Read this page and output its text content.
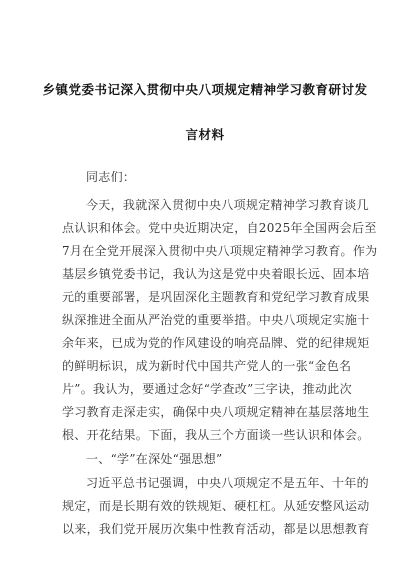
乡镇党委书记深入贯彻中央八项规定精神学习教育研讨发
言材料
同志们：
今天，我就深入贯彻中央八项规定精神学习教育谈几
点认识和体会。党中央近期决定，自2025年全国两会后至
7月在全党开展深入贯彻中央八项规定精神学习教育。作为
基层乡镇党委书记，我认为这是党中央着眼长远、固本培
元的重要部署，是巩固深化主题教育和党纪学习教育成果
纵深推进全面从严治党的重要举措。中央八项规定实施十
余年来，已成为党的作风建设的响亮品牌、党的纪律规矩
的鲜明标识，成为新时代中国共产党人的一张“金色名
片”。我认为，要通过念好“学查改”三字诀，推动此次
学习教育走深走实，确保中央八项规定精神在基层落地生
根、开花结果。下面，我从三个方面谈一些认识和体会。
一、“学”在深处“强思想”
习近平总书记强调，中央八项规定不是五年、十年的
规定，而是长期有效的铁规矩、硬杠杠。从延安整风运动
以来，我们党开展历次集中性教育活动，都是以思想教育
